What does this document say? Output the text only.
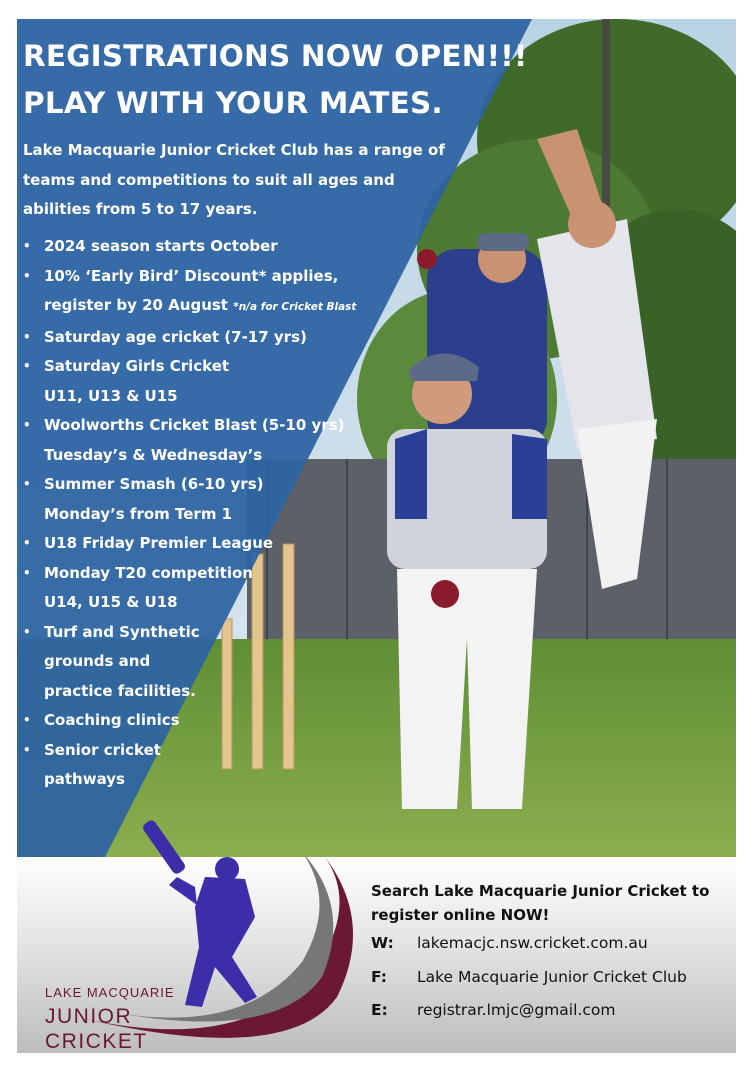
REGISTRATIONS NOW OPEN!!!
PLAY WITH YOUR MATES.
Lake Macquarie Junior Cricket Club has a range of
teams and competitions to suit all ages and
abilities from 5 to 17 years.
• 2024 season starts October
• 10% ‘Early Bird’ Discount* applies,
register by 20 August *n/a for Cricket Blast
• Saturday age cricket (7-17 yrs)
• Saturday Girls Cricket
U11, U13 & U15
• Woolworths Cricket Blast (5-10 yrs)
Tuesday’s & Wednesday’s
• Summer Smash (6-10 yrs)
Monday’s from Term 1
• U18 Friday Premier League
• Monday T20 competition
U14, U15 & U18
• Turf and Synthetic
grounds and
practice facilities.
• Coaching clinics
• Senior cricket
pathways
LAKE MACQUARIE
JUNIOR
CRICKET
Search Lake Macquarie Junior Cricket to
register online NOW!
W: lakemacjc.nsw.cricket.com.au
F: Lake Macquarie Junior Cricket Club
E: registrar.lmjc@gmail.com
